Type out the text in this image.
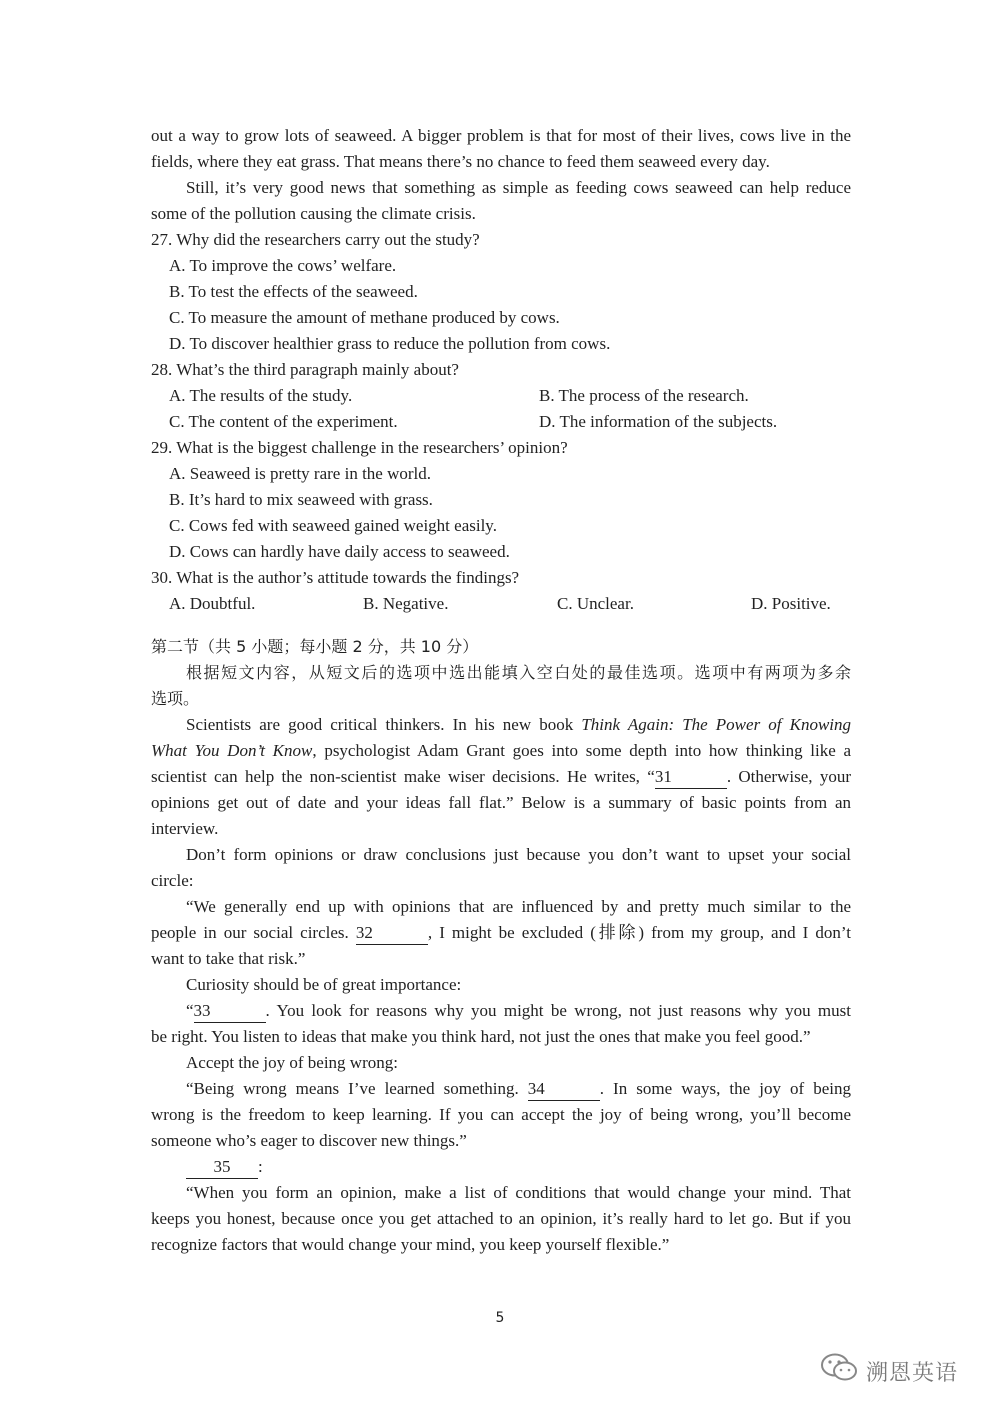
out a way to grow lots of seaweed. A bigger problem is that for most of their lives, cows live in the
fields, where they eat grass. That means there’s no chance to feed them seaweed every day.
Still, it’s very good news that something as simple as feeding cows seaweed can help reduce
some of the pollution causing the climate crisis.
27. Why did the researchers carry out the study?
A. To improve the cows’ welfare.
B. To test the effects of the seaweed.
C. To measure the amount of methane produced by cows.
D. To discover healthier grass to reduce the pollution from cows.
28. What’s the third paragraph mainly about?
A. The results of the study.	B. The process of the research.
C. The content of the experiment.	D. The information of the subjects.
29. What is the biggest challenge in the researchers’ opinion?
A. Seaweed is pretty rare in the world.
B. It’s hard to mix seaweed with grass.
C. Cows fed with seaweed gained weight easily.
D. Cows can hardly have daily access to seaweed.
30. What is the author’s attitude towards the findings?
A. Doubtful.	B. Negative.	C. Unclear.	D. Positive.
第二节（共 5 小题；每小题 2 分，共 10 分）
根据短文内容，从短文后的选项中选出能填入空白处的最佳选项。选项中有两项为多余
选项。
Scientists are good critical thinkers. In his new book Think Again: The Power of Knowing
What You Don’t Know, psychologist Adam Grant goes into some depth into how thinking like a
scientist can help the non-scientist make wiser decisions. He writes, “31	. Otherwise, your
opinions get out of date and your ideas fall flat.” Below is a summary of basic points from an
interview.
Don’t form opinions or draw conclusions just because you don’t want to upset your social
circle:
“We generally end up with opinions that are influenced by and pretty much similar to the
people in our social circles. 32	, I might be excluded (排除) from my group, and I don’t
want to take that risk.”
Curiosity should be of great importance:
“33	. You look for reasons why you might be wrong, not just reasons why you must
be right. You listen to ideas that make you think hard, not just the ones that make you feel good.”
Accept the joy of being wrong:
“Being wrong means I’ve learned something. 34	. In some ways, the joy of being
wrong is the freedom to keep learning. If you can accept the joy of being wrong, you’ll become
someone who’s eager to discover new things.”
35 :
“When you form an opinion, make a list of conditions that would change your mind. That
keeps you honest, because once you get attached to an opinion, it’s really hard to let go. But if you
recognize factors that would change your mind, you keep yourself flexible.”
5
溯恩英语
